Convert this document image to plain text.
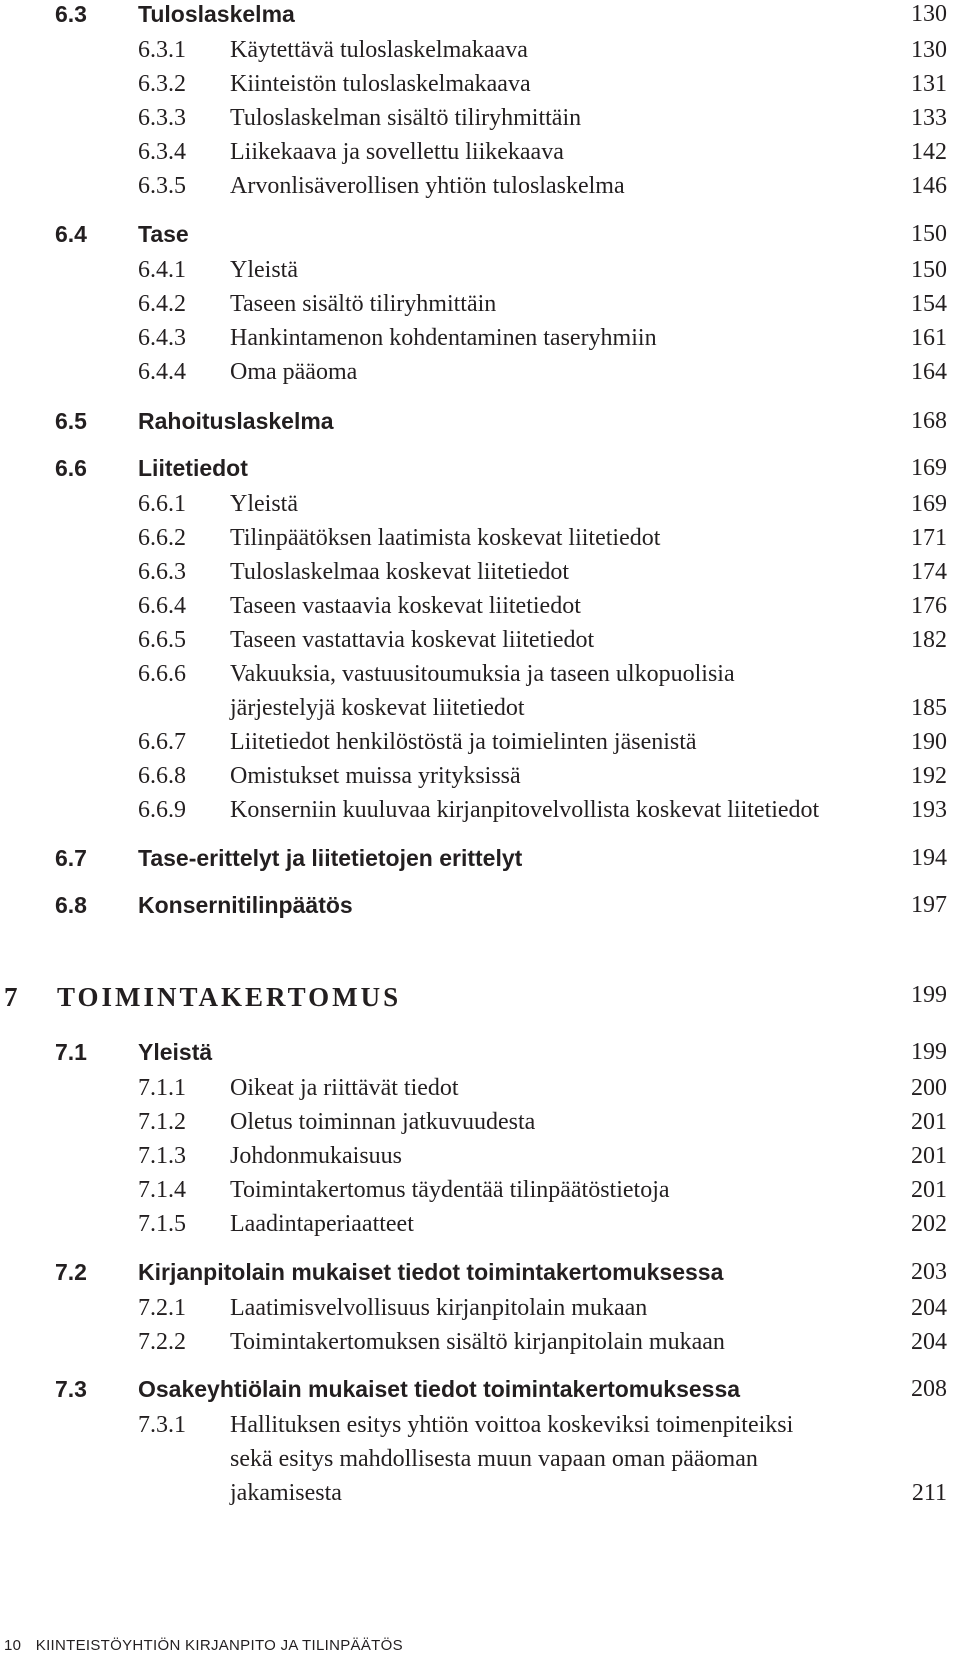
6.3 Tuloslaskelma	130
6.3.1 Käytettävä tuloslaskelmakaava	130
6.3.2 Kiinteistön tuloslaskelmakaava	131
6.3.3 Tuloslaskelman sisältö tiliryhmittäin	133
6.3.4 Liikekaava ja sovellettu liikekaava	142
6.3.5 Arvonlisäverollisen yhtiön tuloslaskelma	146
6.4 Tase	150
6.4.1 Yleistä	150
6.4.2 Taseen sisältö tiliryhmittäin	154
6.4.3 Hankintamenon kohdentaminen taseryhmiin	161
6.4.4 Oma pääoma	164
6.5 Rahoituslaskelma	168
6.6 Liitetiedot	169
6.6.1 Yleistä	169
6.6.2 Tilinpäätöksen laatimista koskevat liitetiedot	171
6.6.3 Tuloslaskelmaa koskevat liitetiedot	174
6.6.4 Taseen vastaavia koskevat liitetiedot	176
6.6.5 Taseen vastattavia koskevat liitetiedot	182
6.6.6 Vakuuksia, vastuusitoumuksia ja taseen ulkopuolisia
järjestelyjä koskevat liitetiedot	185
6.6.7 Liitetiedot henkilöstöstä ja toimielinten jäsenistä	190
6.6.8 Omistukset muissa yrityksissä	192
6.6.9 Konserniin kuuluvaa kirjanpitovelvollista koskevat liitetiedot	193
6.7 Tase-erittelyt ja liitetietojen erittelyt	194
6.8 Konsernitilinpäätös	197
7 TOIMINTAKERTOMUS	199
7.1 Yleistä	199
7.1.1 Oikeat ja riittävät tiedot	200
7.1.2 Oletus toiminnan jatkuvuudesta	201
7.1.3 Johdonmukaisuus	201
7.1.4 Toimintakertomus täydentää tilinpäätöstietoja	201
7.1.5 Laadintaperiaatteet	202
7.2 Kirjanpitolain mukaiset tiedot toimintakertomuksessa	203
7.2.1 Laatimisvelvollisuus kirjanpitolain mukaan	204
7.2.2 Toimintakertomuksen sisältö kirjanpitolain mukaan	204
7.3 Osakeyhtiölain mukaiset tiedot toimintakertomuksessa	208
7.3.1 Hallituksen esitys yhtiön voittoa koskeviksi toimenpiteiksi
sekä esitys mahdollisesta muun vapaan oman pääoman
jakamisesta	211
10 KIINTEISTÖYHTIÖN KIRJANPITO JA TILINPÄÄTÖS
